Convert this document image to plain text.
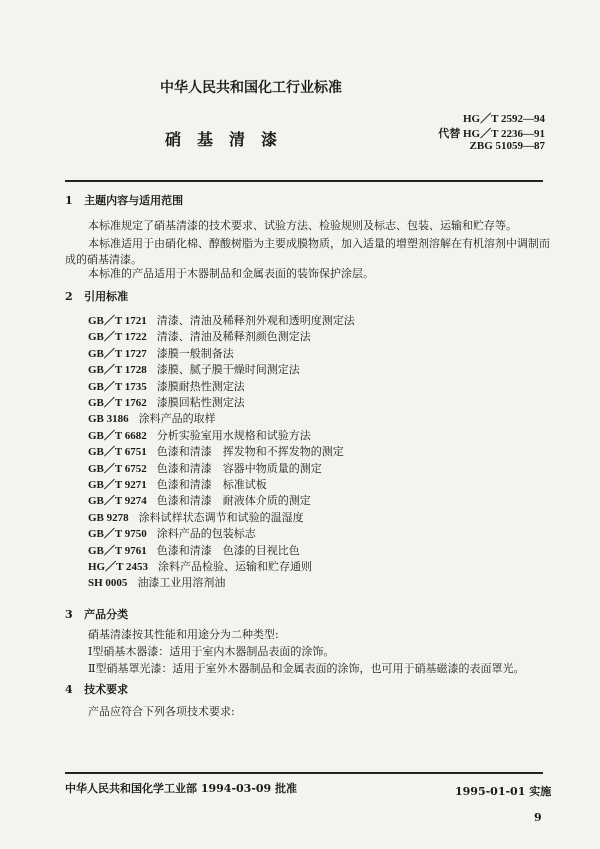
中华人民共和国化工行业标准
硝　基　清　漆
HG／T 2592—94
代替 HG／T 2236—91
ZBG 51059—87
1 主题内容与适用范围
本标准规定了硝基清漆的技术要求、试验方法、检验规则及标志、包装、运输和贮存等。
本标准适用于由硝化棉、醇酸树脂为主要成膜物质，加入适量的增塑剂溶解在有机溶剂中调制而
成的硝基清漆。
本标准的产品适用于木器制品和金属表面的装饰保护涂层。
2 引用标准
GB／T 1721 清漆、清油及稀释剂外观和透明度测定法
GB／T 1722 清漆、清油及稀释剂颜色测定法
GB／T 1727 漆膜一般制备法
GB／T 1728 漆膜、腻子膜干燥时间测定法
GB／T 1735 漆膜耐热性测定法
GB／T 1762 漆膜回粘性测定法
GB 3186 涂料产品的取样
GB／T 6682 分析实验室用水规格和试验方法
GB／T 6751 色漆和清漆　挥发物和不挥发物的测定
GB／T 6752 色漆和清漆　容器中物质量的测定
GB／T 9271 色漆和清漆　标准试板
GB／T 9274 色漆和清漆　耐液体介质的测定
GB 9278 涂料试样状态调节和试验的温湿度
GB／T 9750 涂料产品的包装标志
GB／T 9761 色漆和清漆　色漆的目视比色
HG／T 2453 涂料产品检验、运输和贮存通则
SH 0005 油漆工业用溶剂油
3 产品分类
硝基清漆按其性能和用途分为二种类型:
Ⅰ型硝基木器漆：适用于室内木器制品表面的涂饰。
Ⅱ型硝基罩光漆：适用于室外木器制品和金属表面的涂饰，也可用于硝基磁漆的表面罩光。
4 技术要求
产品应符合下列各项技术要求:
中华人民共和国化学工业部 1994-03-09 批准	1995-01-01 实施
9
